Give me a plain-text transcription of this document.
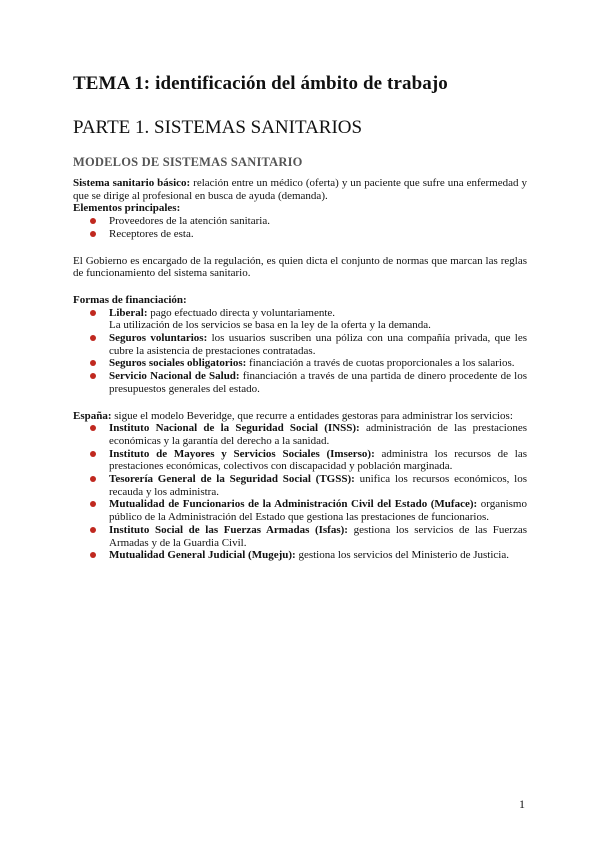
TEMA 1: identificación del ámbito de trabajo
PARTE 1. SISTEMAS SANITARIOS
MODELOS DE SISTEMAS SANITARIO

Sistema sanitario básico: relación entre un médico (oferta) y un paciente que sufre una enfermedad y que se dirige al profesional en busca de ayuda (demanda).

Elementos principales:

Proveedores de la atención sanitaria.
Receptores de esta.

El Gobierno es encargado de la regulación, es quien dicta el conjunto de normas que marcan las reglas de funcionamiento del sistema sanitario.

Formas de financiación:

Liberal: pago efectuado directa y voluntariamente.
La utilización de los servicios se basa en la ley de la oferta y la demanda.
Seguros voluntarios: los usuarios suscriben una póliza con una compañía privada, que les cubre la asistencia de prestaciones contratadas.
Seguros sociales obligatorios: financiación a través de cuotas proporcionales a los salarios.
Servicio Nacional de Salud: financiación a través de una partida de dinero procedente de los presupuestos generales del estado.

España: sigue el modelo Beveridge, que recurre a entidades gestoras para administrar los servicios:

Instituto Nacional de la Seguridad Social (INSS): administración de las prestaciones económicas y la garantía del derecho a la sanidad.
Instituto de Mayores y Servicios Sociales (Imserso): administra los recursos de las prestaciones económicas, colectivos con discapacidad y población marginada.
Tesorería General de la Seguridad Social (TGSS): unifica los recursos económicos, los recauda y los administra.
Mutualidad de Funcionarios de la Administración Civil del Estado (Muface): organismo público de la Administración del Estado que gestiona las prestaciones de funcionarios.
Instituto Social de las Fuerzas Armadas (Isfas): gestiona los servicios de las Fuerzas Armadas y de la Guardia Civil.
Mutualidad General Judicial (Mugeju): gestiona los servicios del Ministerio de Justicia.
1
